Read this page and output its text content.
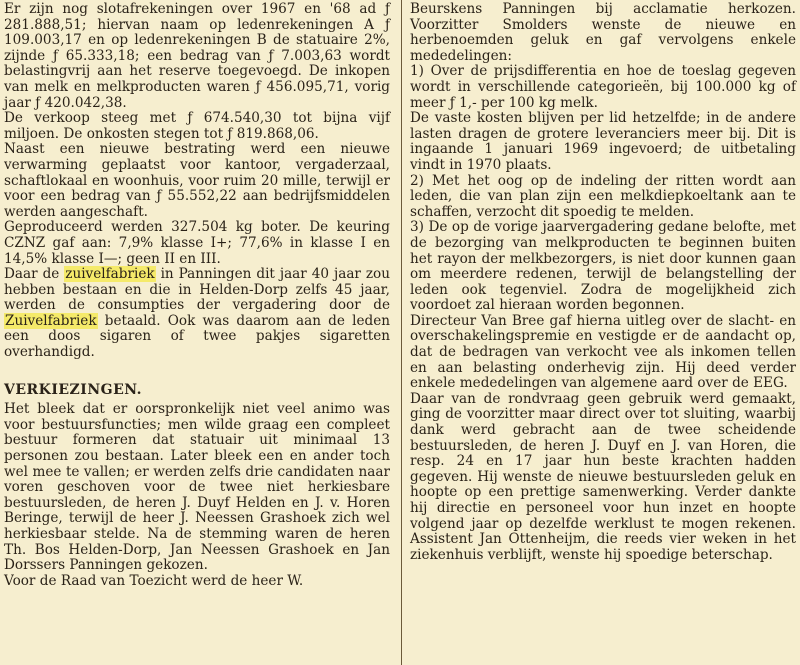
Er zijn nog slotafrekeningen over 1967 en '68 ad ƒ 281.888,51; hiervan naam op ledenrekeningen A ƒ 109.003,17 en op ledenrekeningen B de statuaire 2%, zijnde ƒ 65.333,18; een bedrag van ƒ 7.003,63 wordt belastingvrij aan het reserve toegevoegd. De inkopen van melk en melkproducten waren ƒ 456.095,71, vorig jaar ƒ 420.042,38.

De verkoop steeg met ƒ 674.540,30 tot bijna vijf miljoen. De onkosten stegen tot ƒ 819.868,06.

Naast een nieuwe bestrating werd een nieuwe verwarming geplaatst voor kantoor, vergaderzaal, schaftlokaal en woonhuis, voor ruim 20 mille, terwijl er voor een bedrag van ƒ 55.552,22 aan bedrijfsmiddelen werden aangeschaft.

Geproduceerd werden 327.504 kg boter. De keuring CZNZ gaf aan: 7,9% klasse I+; 77,6% in klasse I en 14,5% klasse I—; geen II en III.

Daar de zuivelfabriek in Panningen dit jaar 40 jaar zou hebben bestaan en die in Helden-Dorp zelfs 45 jaar, werden de consumpties der vergadering door de Zuivelfabriek betaald. Ook was daarom aan de leden een doos sigaren of twee pakjes sigaretten overhandigd.

VERKIEZINGEN.

Het bleek dat er oorspronkelijk niet veel animo was voor bestuursfuncties; men wilde graag een compleet bestuur formeren dat statuair uit minimaal 13 personen zou bestaan. Later bleek een en ander toch wel mee te vallen; er werden zelfs drie candidaten naar voren geschoven voor de twee niet herkiesbare bestuursleden, de heren J. Duyf Helden en J. v. Horen Beringe, terwijl de heer J. Neessen Grashoek zich wel herkiesbaar stelde. Na de stemming waren de heren Th. Bos Helden-Dorp, Jan Neessen Grashoek en Jan Dorssers Panningen gekozen.

Voor de Raad van Toezicht werd de heer W.

Beurskens Panningen bij acclamatie herkozen. Voorzitter Smolders wenste de nieuwe en herbenoemden geluk en gaf vervolgens enkele mededelingen:

1) Over de prijsdifferentia en hoe de toeslag gegeven wordt in verschillende categorieën, bij 100.000 kg of meer ƒ 1,- per 100 kg melk.

De vaste kosten blijven per lid hetzelfde; in de andere lasten dragen de grotere leveranciers meer bij. Dit is ingaande 1 januari 1969 ingevoerd; de uitbetaling vindt in 1970 plaats.

2) Met het oog op de indeling der ritten wordt aan leden, die van plan zijn een melkdiepkoeltank aan te schaffen, verzocht dit spoedig te melden.

3) De op de vorige jaarvergadering gedane belofte, met de bezorging van melkproducten te beginnen buiten het rayon der melkbezorgers, is niet door kunnen gaan om meerdere redenen, terwijl de belangstelling der leden ook tegenviel. Zodra de mogelijkheid zich voordoet zal hieraan worden begonnen.

Directeur Van Bree gaf hierna uitleg over de slacht- en overschakelingspremie en vestigde er de aandacht op, dat de bedragen van verkocht vee als inkomen tellen en aan belasting onderhevig zijn. Hij deed verder enkele mededelingen van algemene aard over de EEG.

Daar van de rondvraag geen gebruik werd gemaakt, ging de voorzitter maar direct over tot sluiting, waarbij dank werd gebracht aan de twee scheidende bestuursleden, de heren J. Duyf en J. van Horen, die resp. 24 en 17 jaar hun beste krachten hadden gegeven. Hij wenste de nieuwe bestuursleden geluk en hoopte op een prettige samenwerking. Verder dankte hij directie en personeel voor hun inzet en hoopte volgend jaar op dezelfde werklust te mogen rekenen. Assistent Jan Ottenheijm, die reeds vier weken in het ziekenhuis verblijft, wenste hij spoedige beterschap.
